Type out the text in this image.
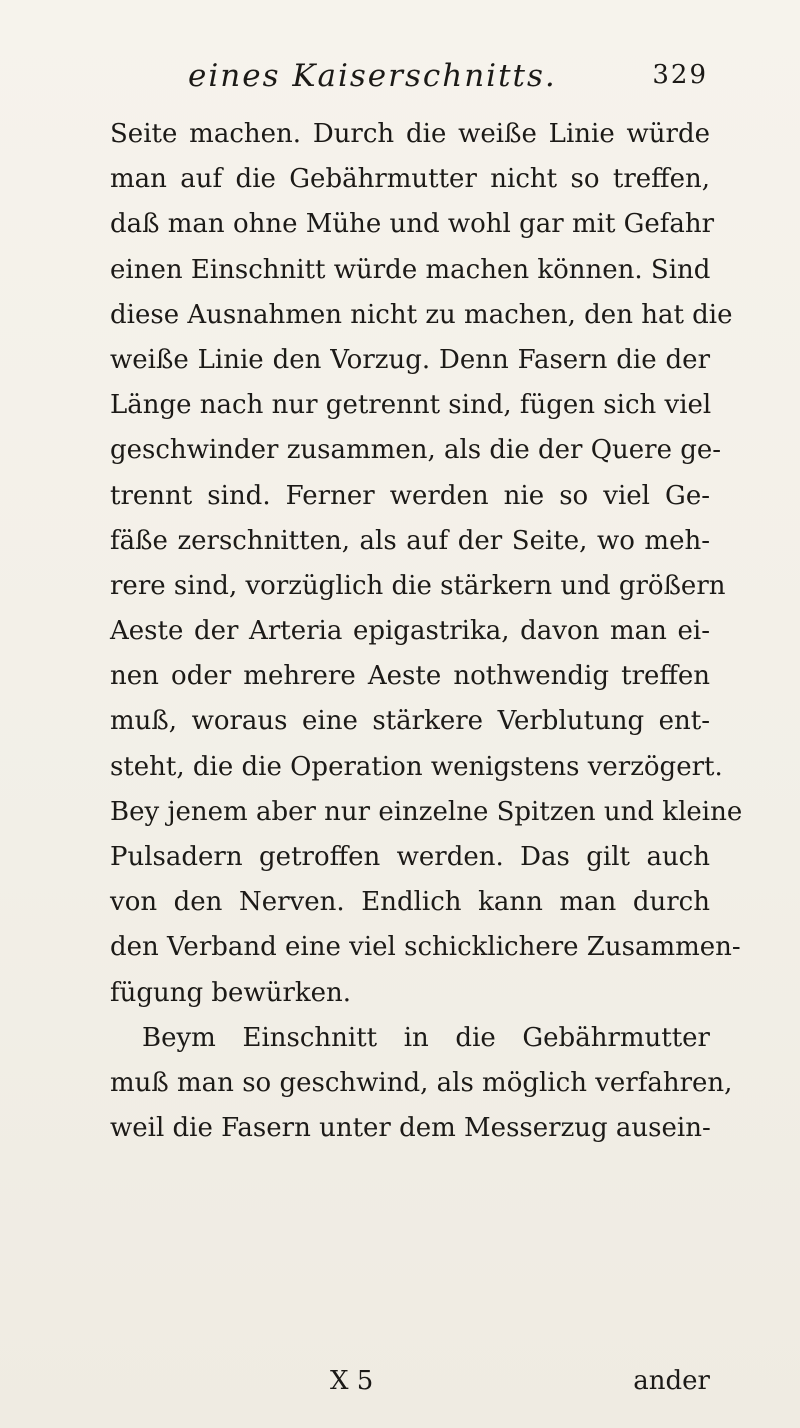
eines Kaiserschnitts.	329
Seite machen. Durch die weiße Linie würde
man auf die Gebährmutter nicht so treffen,
daß man ohne Mühe und wohl gar mit Gefahr
einen Einschnitt würde machen können. Sind
diese Ausnahmen nicht zu machen, den hat die
weiße Linie den Vorzug. Denn Fasern die der
Länge nach nur getrennt sind, fügen sich viel
geschwinder zusammen, als die der Quere ge-
trennt sind. Ferner werden nie so viel Ge-
fäße zerschnitten, als auf der Seite, wo meh-
rere sind, vorzüglich die stärkern und größern
Aeste der Arteria epigastrika, davon man ei-
nen oder mehrere Aeste nothwendig treffen
muß, woraus eine stärkere Verblutung ent-
steht, die die Operation wenigstens verzögert.
Bey jenem aber nur einzelne Spitzen und kleine
Pulsadern getroffen werden. Das gilt auch
von den Nerven. Endlich kann man durch
den Verband eine viel schicklichere Zusammen-
fügung bewürken.
Beym Einschnitt in die Gebährmutter
muß man so geschwind, als möglich verfahren,
weil die Fasern unter dem Messerzug ausein-
X 5	ander
